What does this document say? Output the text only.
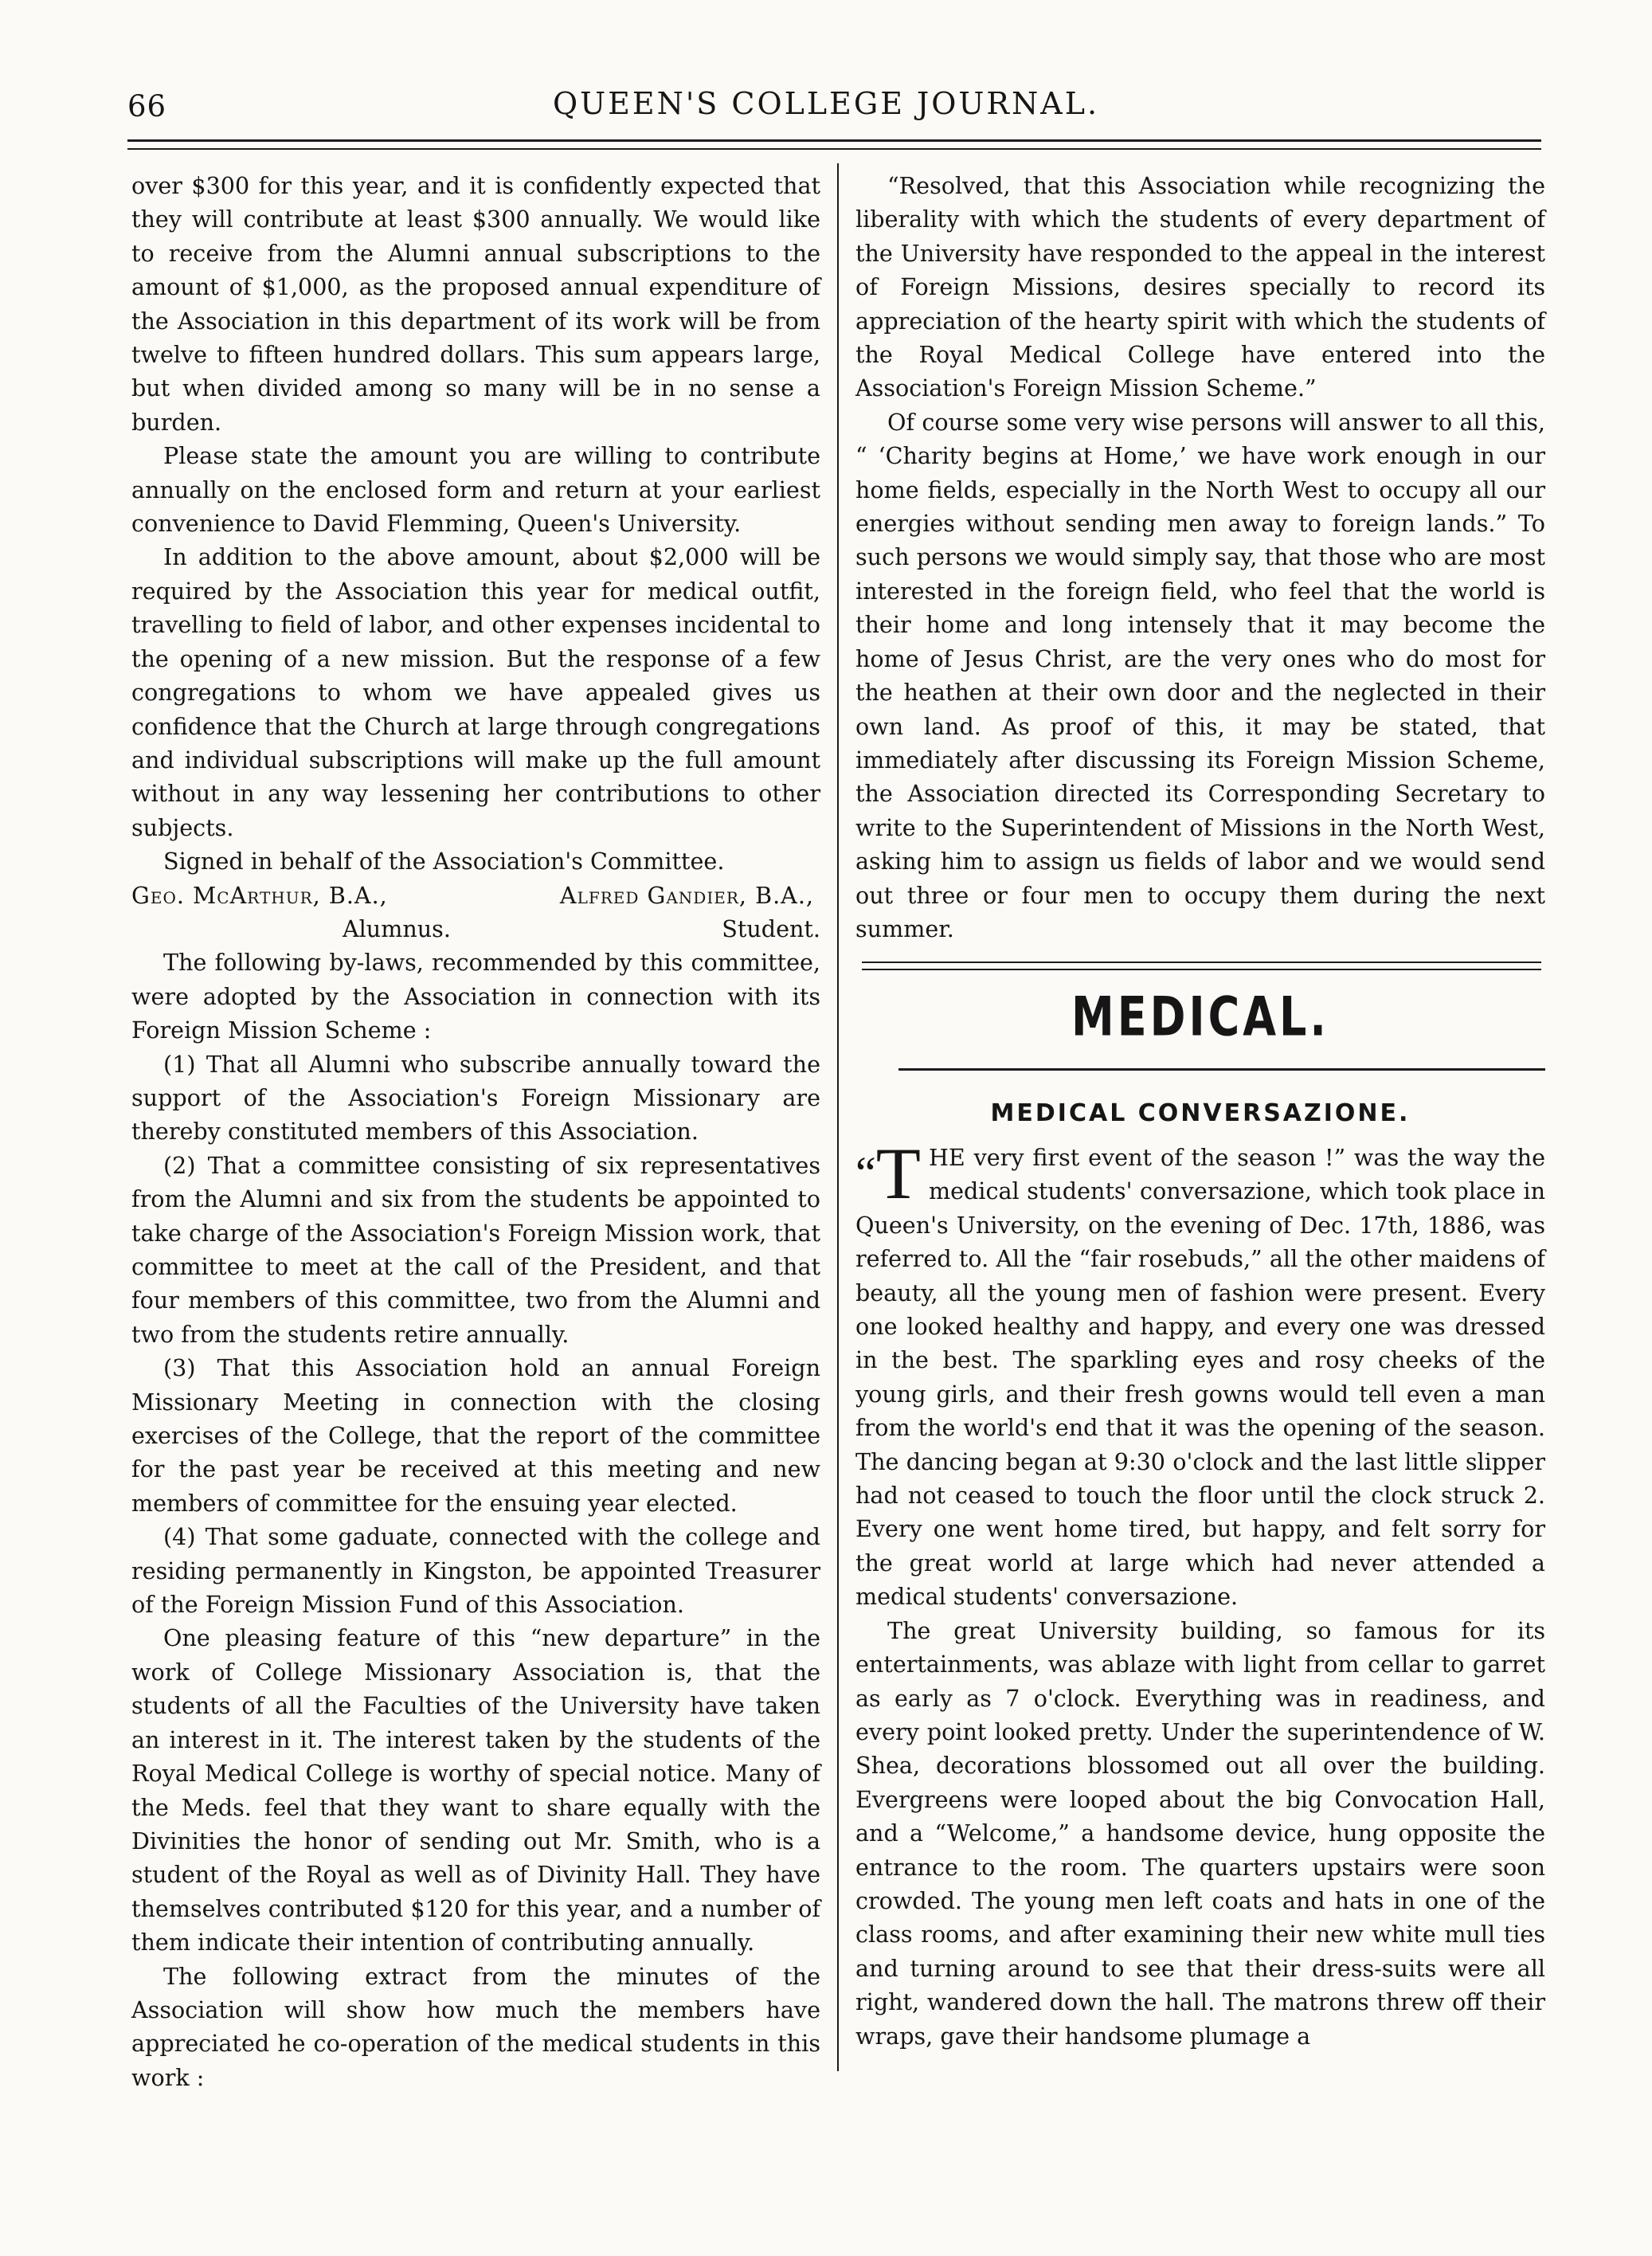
66	QUEEN'S COLLEGE JOURNAL.

over $300 for this year, and it is confidently expected that they will contribute at least $300 annually. We would like to receive from the Alumni annual subscriptions to the amount of $1,000, as the proposed annual expenditure of the Association in this department of its work will be from twelve to fifteen hundred dollars. This sum appears large, but when divided among so many will be in no sense a burden.

Please state the amount you are willing to contribute annually on the enclosed form and return at your earliest convenience to David Flemming, Queen's University.

In addition to the above amount, about $2,000 will be required by the Association this year for medical outfit, travelling to field of labor, and other expenses incidental to the opening of a new mission. But the response of a few congregations to whom we have appealed gives us confidence that the Church at large through congregations and individual subscriptions will make up the full amount without in any way lessening her contributions to other subjects.

Signed in behalf of the Association's Committee.

Geo. McArthur, B.A.,	Alfred Gandier, B.A.,
Alumnus.	Student.

The following by-laws, recommended by this committee, were adopted by the Association in connection with its Foreign Mission Scheme :

(1) That all Alumni who subscribe annually toward the support of the Association's Foreign Missionary are thereby constituted members of this Association.

(2) That a committee consisting of six representatives from the Alumni and six from the students be appointed to take charge of the Association's Foreign Mission work, that committee to meet at the call of the President, and that four members of this committee, two from the Alumni and two from the students retire annually.

(3) That this Association hold an annual Foreign Missionary Meeting in connection with the closing exercises of the College, that the report of the committee for the past year be received at this meeting and new members of committee for the ensuing year elected.

(4) That some gaduate, connected with the college and residing permanently in Kingston, be appointed Treasurer of the Foreign Mission Fund of this Association.

One pleasing feature of this “new departure” in the work of College Missionary Association is, that the students of all the Faculties of the University have taken an interest in it. The interest taken by the students of the Royal Medical College is worthy of special notice. Many of the Meds. feel that they want to share equally with the Divinities the honor of sending out Mr. Smith, who is a student of the Royal as well as of Divinity Hall. They have themselves contributed $120 for this year, and a number of them indicate their intention of contributing annually.

The following extract from the minutes of the Association will show how much the members have appreciated he co-operation of the medical students in this work :

“Resolved, that this Association while recognizing the liberality with which the students of every department of the University have responded to the appeal in the interest of Foreign Missions, desires specially to record its appreciation of the hearty spirit with which the students of the Royal Medical College have entered into the Association's Foreign Mission Scheme.”

Of course some very wise persons will answer to all this, “ ‘Charity begins at Home,’ we have work enough in our home fields, especially in the North West to occupy all our energies without sending men away to foreign lands.” To such persons we would simply say, that those who are most interested in the foreign field, who feel that the world is their home and long intensely that it may become the home of Jesus Christ, are the very ones who do most for the heathen at their own door and the neglected in their own land. As proof of this, it may be stated, that immediately after discussing its Foreign Mission Scheme, the Association directed its Corresponding Secretary to write to the Superintendent of Missions in the North West, asking him to assign us fields of labor and we would send out three or four men to occupy them during the next summer.

MEDICAL.
MEDICAL CONVERSAZIONE.

“T HE very first event of the season !” was the way the medical students' conversazione, which took place in Queen's University, on the evening of Dec. 17th, 1886, was referred to. All the “fair rosebuds,” all the other maidens of beauty, all the young men of fashion were present. Every one looked healthy and happy, and every one was dressed in the best. The sparkling eyes and rosy cheeks of the young girls, and their fresh gowns would tell even a man from the world's end that it was the opening of the season. The dancing began at 9:30 o'clock and the last little slipper had not ceased to touch the floor until the clock struck 2. Every one went home tired, but happy, and felt sorry for the great world at large which had never attended a medical students' conversazione.

The great University building, so famous for its entertainments, was ablaze with light from cellar to garret as early as 7 o'clock. Everything was in readiness, and every point looked pretty. Under the superintendence of W. Shea, decorations blossomed out all over the building. Evergreens were looped about the big Convocation Hall, and a “Welcome,” a handsome device, hung opposite the entrance to the room. The quarters upstairs were soon crowded. The young men left coats and hats in one of the class rooms, and after examining their new white mull ties and turning around to see that their dress-suits were all right, wandered down the hall. The matrons threw off their wraps, gave their handsome plumage a
